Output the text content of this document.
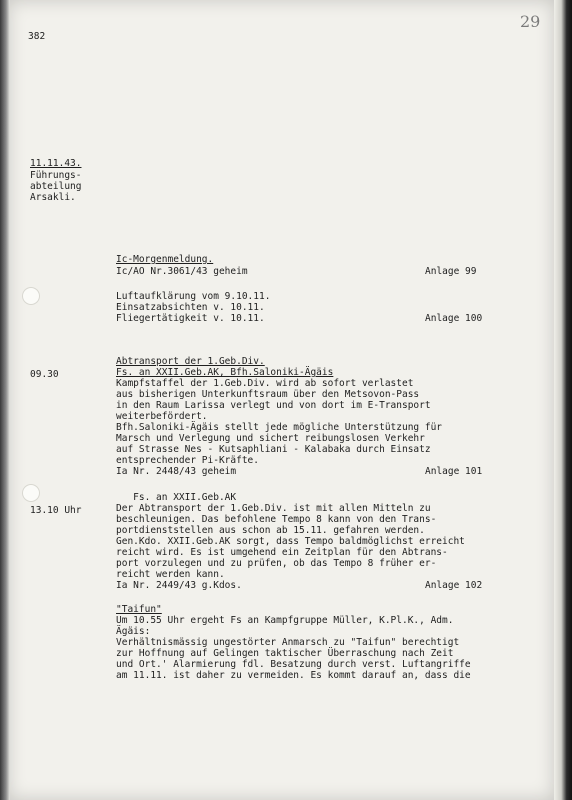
382
29
11.11.43.
Führungs-
abteilung
Arsakli.
Ic-Morgenmeldung.
Ic/AO Nr.3061/43 geheim	Anlage 99
Luftaufklärung vom 9.10.11.
Einsatzabsichten v. 10.11.
Fliegertätigkeit v. 10.11.	Anlage 100
09.30
Abtransport der 1.Geb.Div.
Fs. an XXII.Geb.AK, Bfh.Saloniki-Ägäis
Kampfstaffel der 1.Geb.Div. wird ab sofort verlastet
aus bisherigen Unterkunftsraum über den Metsovon-Pass
in den Raum Larissa verlegt und von dort im E-Transport
weiterbefördert.
Bfh.Saloniki-Ägäis stellt jede mögliche Unterstützung für
Marsch und Verlegung und sichert reibungslosen Verkehr
auf Strasse Nes - Kutsaphliani - Kalabaka durch Einsatz
entsprechender Pi-Kräfte.
Ia Nr. 2448/43 geheim	Anlage 101
13.10 Uhr
Fs. an XXII.Geb.AK
Der Abtransport der 1.Geb.Div. ist mit allen Mitteln zu
beschleunigen. Das befohlene Tempo 8 kann von den Trans-
portdienststellen aus schon ab 15.11. gefahren werden.
Gen.Kdo. XXII.Geb.AK sorgt, dass Tempo baldmöglichst erreicht
reicht wird. Es ist umgehend ein Zeitplan für den Abtrans-
port vorzulegen und zu prüfen, ob das Tempo 8 früher er-
reicht werden kann.
Ia Nr. 2449/43 g.Kdos.	Anlage 102
"Taifun"
Um 10.55 Uhr ergeht Fs an Kampfgruppe Müller, K.Pl.K., Adm.
Ägäis:
Verhältnismässig ungestörter Anmarsch zu "Taifun" berechtigt
zur Hoffnung auf Gelingen taktischer Überraschung nach Zeit
und Ort.' Alarmierung fdl. Besatzung durch verst. Luftangriffe
am 11.11. ist daher zu vermeiden. Es kommt darauf an, dass die
